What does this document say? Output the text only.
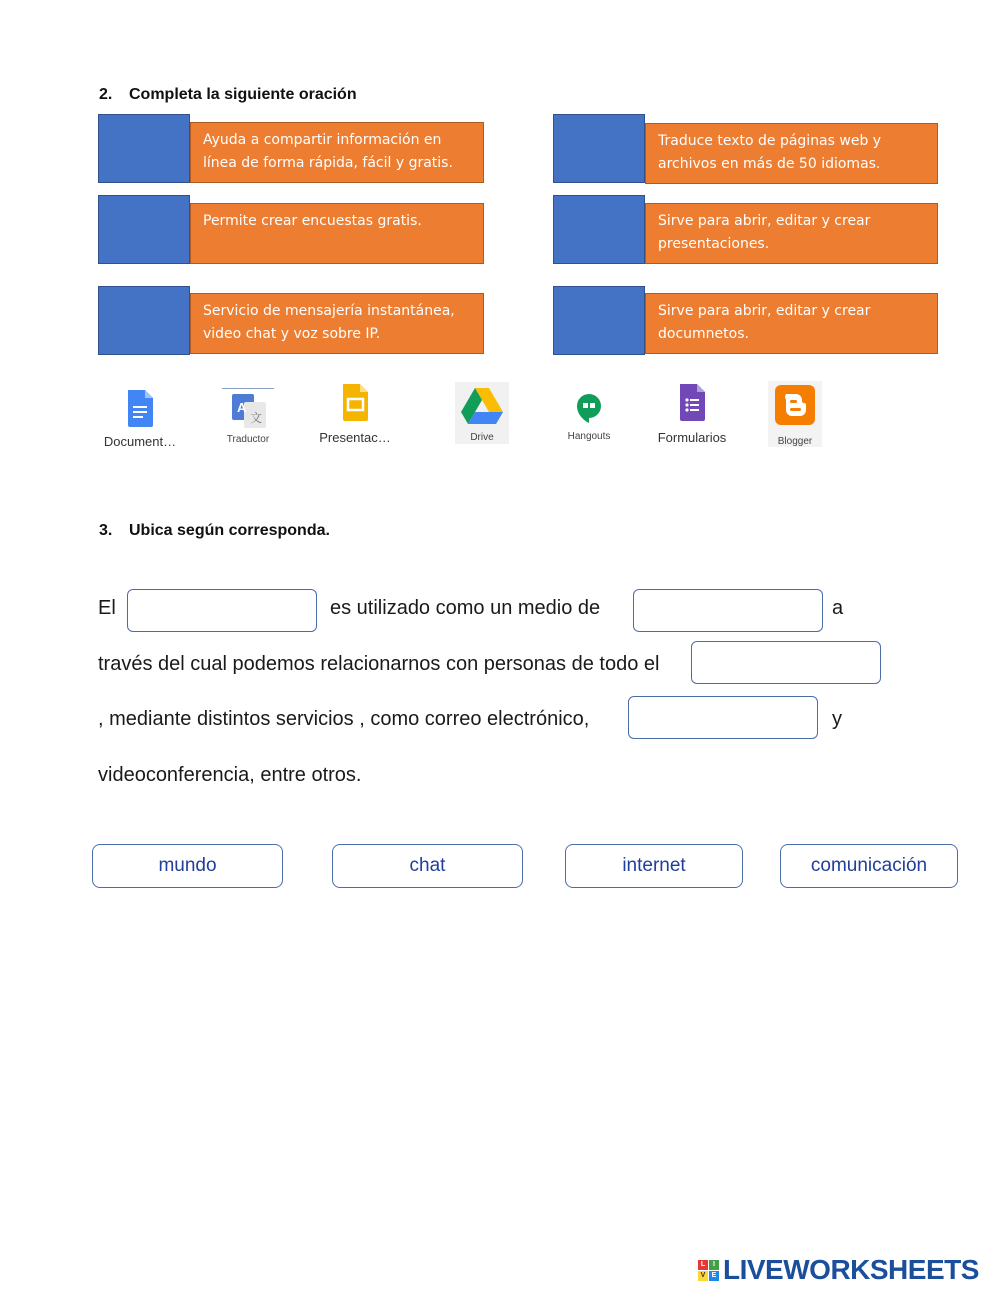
2. Completa la siguiente oración
Ayuda a compartir información en línea de forma rápida, fácil y gratis.
Permite crear encuestas gratis.
Servicio de mensajería instantánea, video chat y voz sobre IP.
Traduce texto de páginas web y archivos en más de 50 idiomas.
Sirve para abrir, editar y crear presentaciones.
Sirve para abrir, editar y crear documnetos.
Document…
A
文
Traductor	Presentac…	Drive	Hangouts	Formularios	Blogger
3. Ubica según corresponda.
El	es utilizado como un medio de	a
través del cual podemos relacionarnos con personas de todo el
, mediante distintos servicios , como correo electrónico,	y
videoconferencia, entre otros.
mundo	chat	internet	comunicación
L	I
V E LIVEWORKSHEETS
